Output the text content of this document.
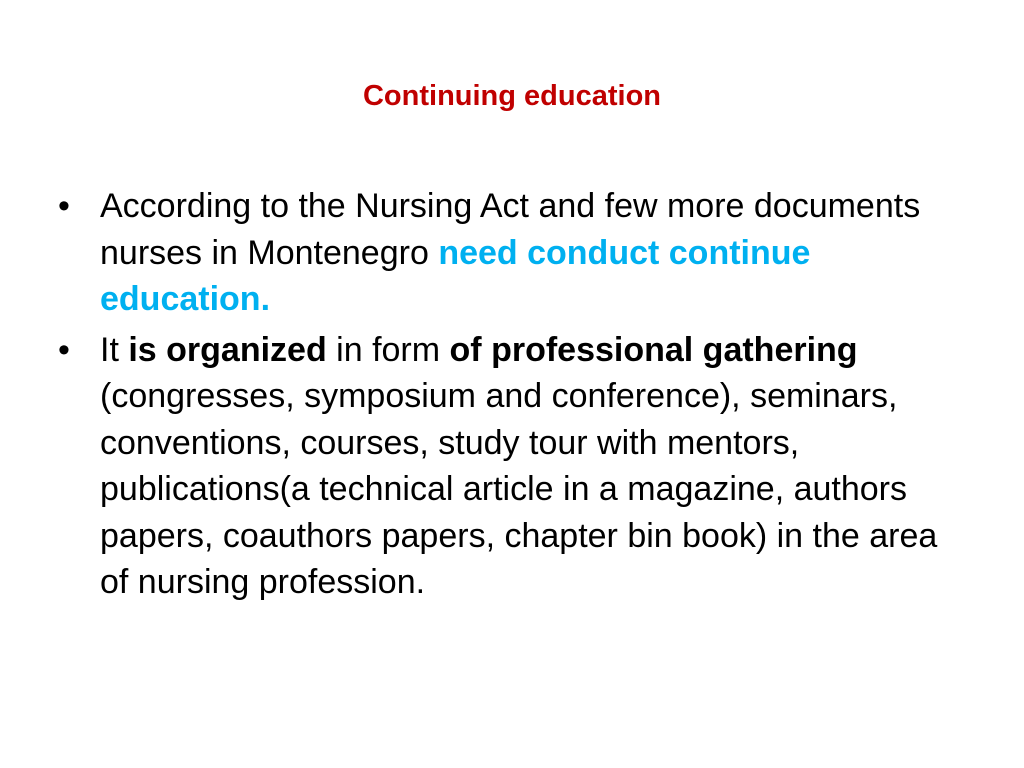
Continuing education
• According to the Nursing Act and few more documents nurses in Montenegro need conduct continue education.
• It is organized in form of professional gathering (congresses, symposium and conference), seminars, conventions, courses, study tour with mentors, publications(a technical article in a magazine, authors papers, coauthors papers, chapter bin book) in the area of nursing profession.
